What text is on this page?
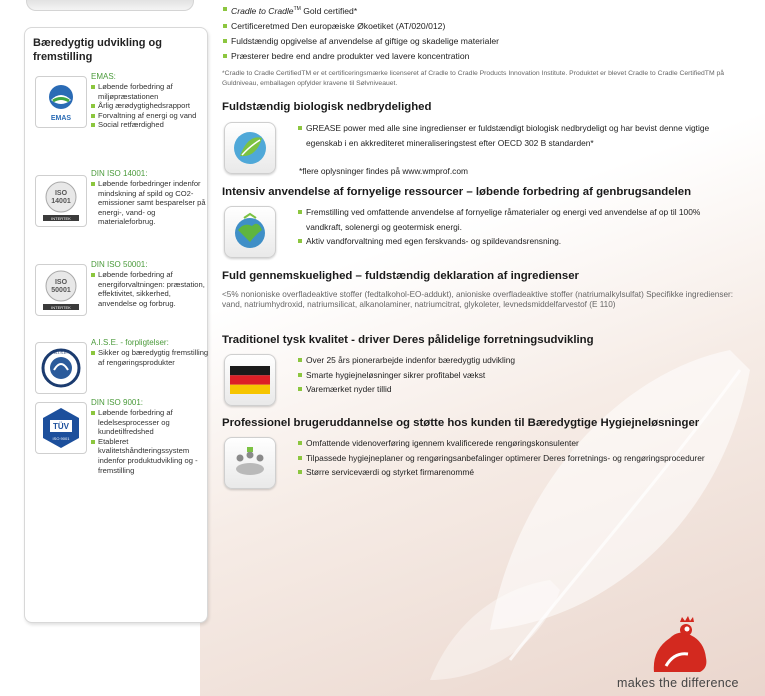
Bæredygtig udvikling og fremstilling
EMAS
EMAS:
Løbende forbedring af miljøpræstationen
Årlig ærødygtighedsrapport
Forvaltning af energi og vand
Social retfærdighed
ISO
14001
INTERTEK
DIN ISO 14001:
Løbende forbedringer indenfor mindskning af spild og CO2-emissioner samt besparelser på energi-, vand- og materialeforbrug.
ISO
50001
INTERTEK
DIN ISO 50001:
Løbende forbedring af energiforvaltningen: præstation, effektivitet, sikkerhed, anvendelse og forbrug.
A.I.S.E.
A.I.S.E. - forpligtelser:
Sikker og bæredygtig fremstilling af rengøringsprodukter
TÜV
ISO 9001
DIN ISO 9001:
Løbende forbedring af ledelsesprocesser og kundetilfredshed
Etableret kvalitetshåndteringssystem indenfor produktudvikling og -fremstilling
Cradle to Cradle™ Gold certified*
Certificeretmed Den europæiske Økoetiket (AT/020/012)
Fuldstændig opgivelse af anvendelse af giftige og skadelige materialer
Præsterer bedre end andre produkter ved lavere koncentration
*Cradle to Cradle CertifiedTM er et certificeringsmærke licenseret af Cradle to Cradle Products Innovation Institute. Produktet er blevet Cradle to Cradle CertifiedTM på Guldniveau, emballagen opfylder kravene til Sølvniveauet.
Fuldstændig biologisk nedbrydelighed
GREASE power med alle sine ingredienser er fuldstændigt biologisk nedbrydeligt og har bevist denne vigtige egenskab i en akkrediteret mineraliseringstest efter OECD 302 B standarden*
*flere oplysninger findes på www.wmprof.com
Intensiv anvendelse af fornyelige ressourcer – løbende forbedring af genbrugsandelen
Fremstilling ved omfattende anvendelse af fornyelige råmaterialer og energi ved anvendelse af op til 100% vandkraft, solenergi og geotermisk energi.
Aktiv vandforvaltning med egen ferskvands- og spildevandsrensning.
Fuld gennemskuelighed – fuldstændig deklaration af ingredienser
<5% nonioniske overfladeaktive stoffer (fedtalkohol-EO-addukt), anioniske overfladeaktive stoffer (natriumalkylsulfat) Specifikke ingredienser: vand, natriumhydroxid, natriumsilicat, alkanolaminer, natriumcitrat, glykoleter, levnedsmiddelfarvestof (E 110)
Traditionel tysk kvalitet - driver Deres pålidelige forretningsudvikling
Over 25 års pionerarbejde indenfor bæredygtig udvikling
Smarte hygiejneløsninger sikrer profitabel vækst
Varemærket nyder tillid
Professionel brugeruddannelse og støtte hos kunden til Bæredygtige Hygiejneløsninger
Omfattende videnoverføring igennem kvalificerede rengøringskonsulenter
Tilpassede hygiejneplaner og rengøringsanbefalinger optimerer Deres forretnings- og rengøringsprocedurer
Større serviceværdi og styrket firmarenommé
makes the difference
